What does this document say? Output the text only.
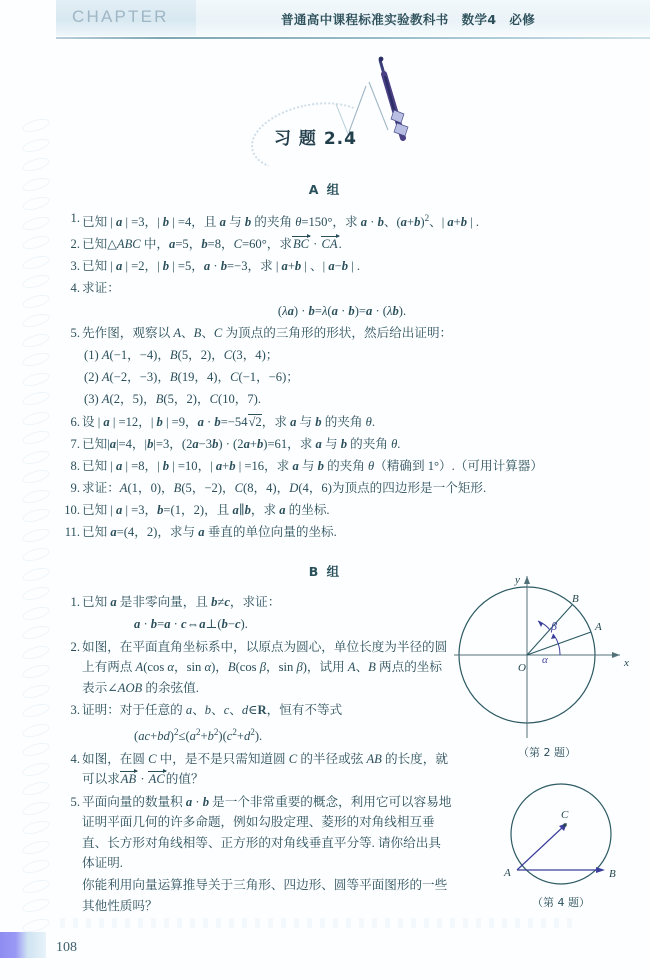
CHAPTER	普通高中课程标准实验教科书　数学4　必修
习 题 2.4
A 组
1. 已知 | a | =3，| b | =4，且 a 与 b 的夹角 θ=150°，求 a · b、$(a+b)^2$、| a+b | .
2. 已知△ABC 中，a=5，b=8，C=60°，求BC · CA.
3. 已知 | a | =2，| b | =5，a · b=−3，求 | a+b | 、| a−b | .
4. 求证：
(λa) · b=λ(a · b)=a · (λb).
5. 先作图，观察以 A、B、C 为顶点的三角形的形状，然后给出证明：
(1) A(−1，−4)，B(5，2)，C(3，4)；
(2) A(−2，−3)，B(19，4)，C(−1，−6)；
(3) A(2，5)，B(5，2)，C(10，7).
6. 设 | a | =12，| b | =9，a · b=−54√2，求 a 与 b 的夹角 θ.
7. 已知|a|=4，|b|=3，(2a−3b) · (2a+b)=61，求 a 与 b 的夹角 θ.
8. 已知 | a | =8，| b | =10，| a+b | =16，求 a 与 b 的夹角 θ（精确到 1°）.（可用计算器）
9. 求证：A(1，0)，B(5，−2)，C(8，4)，D(4，6)为顶点的四边形是一个矩形.
10. 已知 | a | =3，b=(1，2)，且 a∥b，求 a 的坐标.
11. 已知 a=(4，2)，求与 a 垂直的单位向量的坐标.
B 组
1. 已知 a 是非零向量，且 b≠c，求证：
a · b=a · c⇔a⊥(b−c).
2. 如图，在平面直角坐标系中，以原点为圆心，单位长度为半径的圆上有两点 A(cos α，sin α)，B(cos β，sin β)，试用 A、B 两点的坐标表示∠AOB 的余弦值.
3. 证明：对于任意的 a、b、c、d∈R，恒有不等式
$(ac+bd)^2\le(a^2+b^2)(c^2+d^2)$.
4. 如图，在圆 C 中，是不是只需知道圆 C 的半径或弦 AB 的长度，就可以求AB · AC的值？
5. 平面向量的数量积 a · b 是一个非常重要的概念，利用它可以容易地证明平面几何的许多命题，例如勾股定理、菱形的对角线相互垂直、长方形对角线相等、正方形的对角线垂直平分等. 请你给出具体证明.
你能利用向量运算推导关于三角形、四边形、圆等平面图形的一些其他性质吗？
O	x
y
A
B
α
β
（第 2 题）
C
A	B
（第 4 题）
108
